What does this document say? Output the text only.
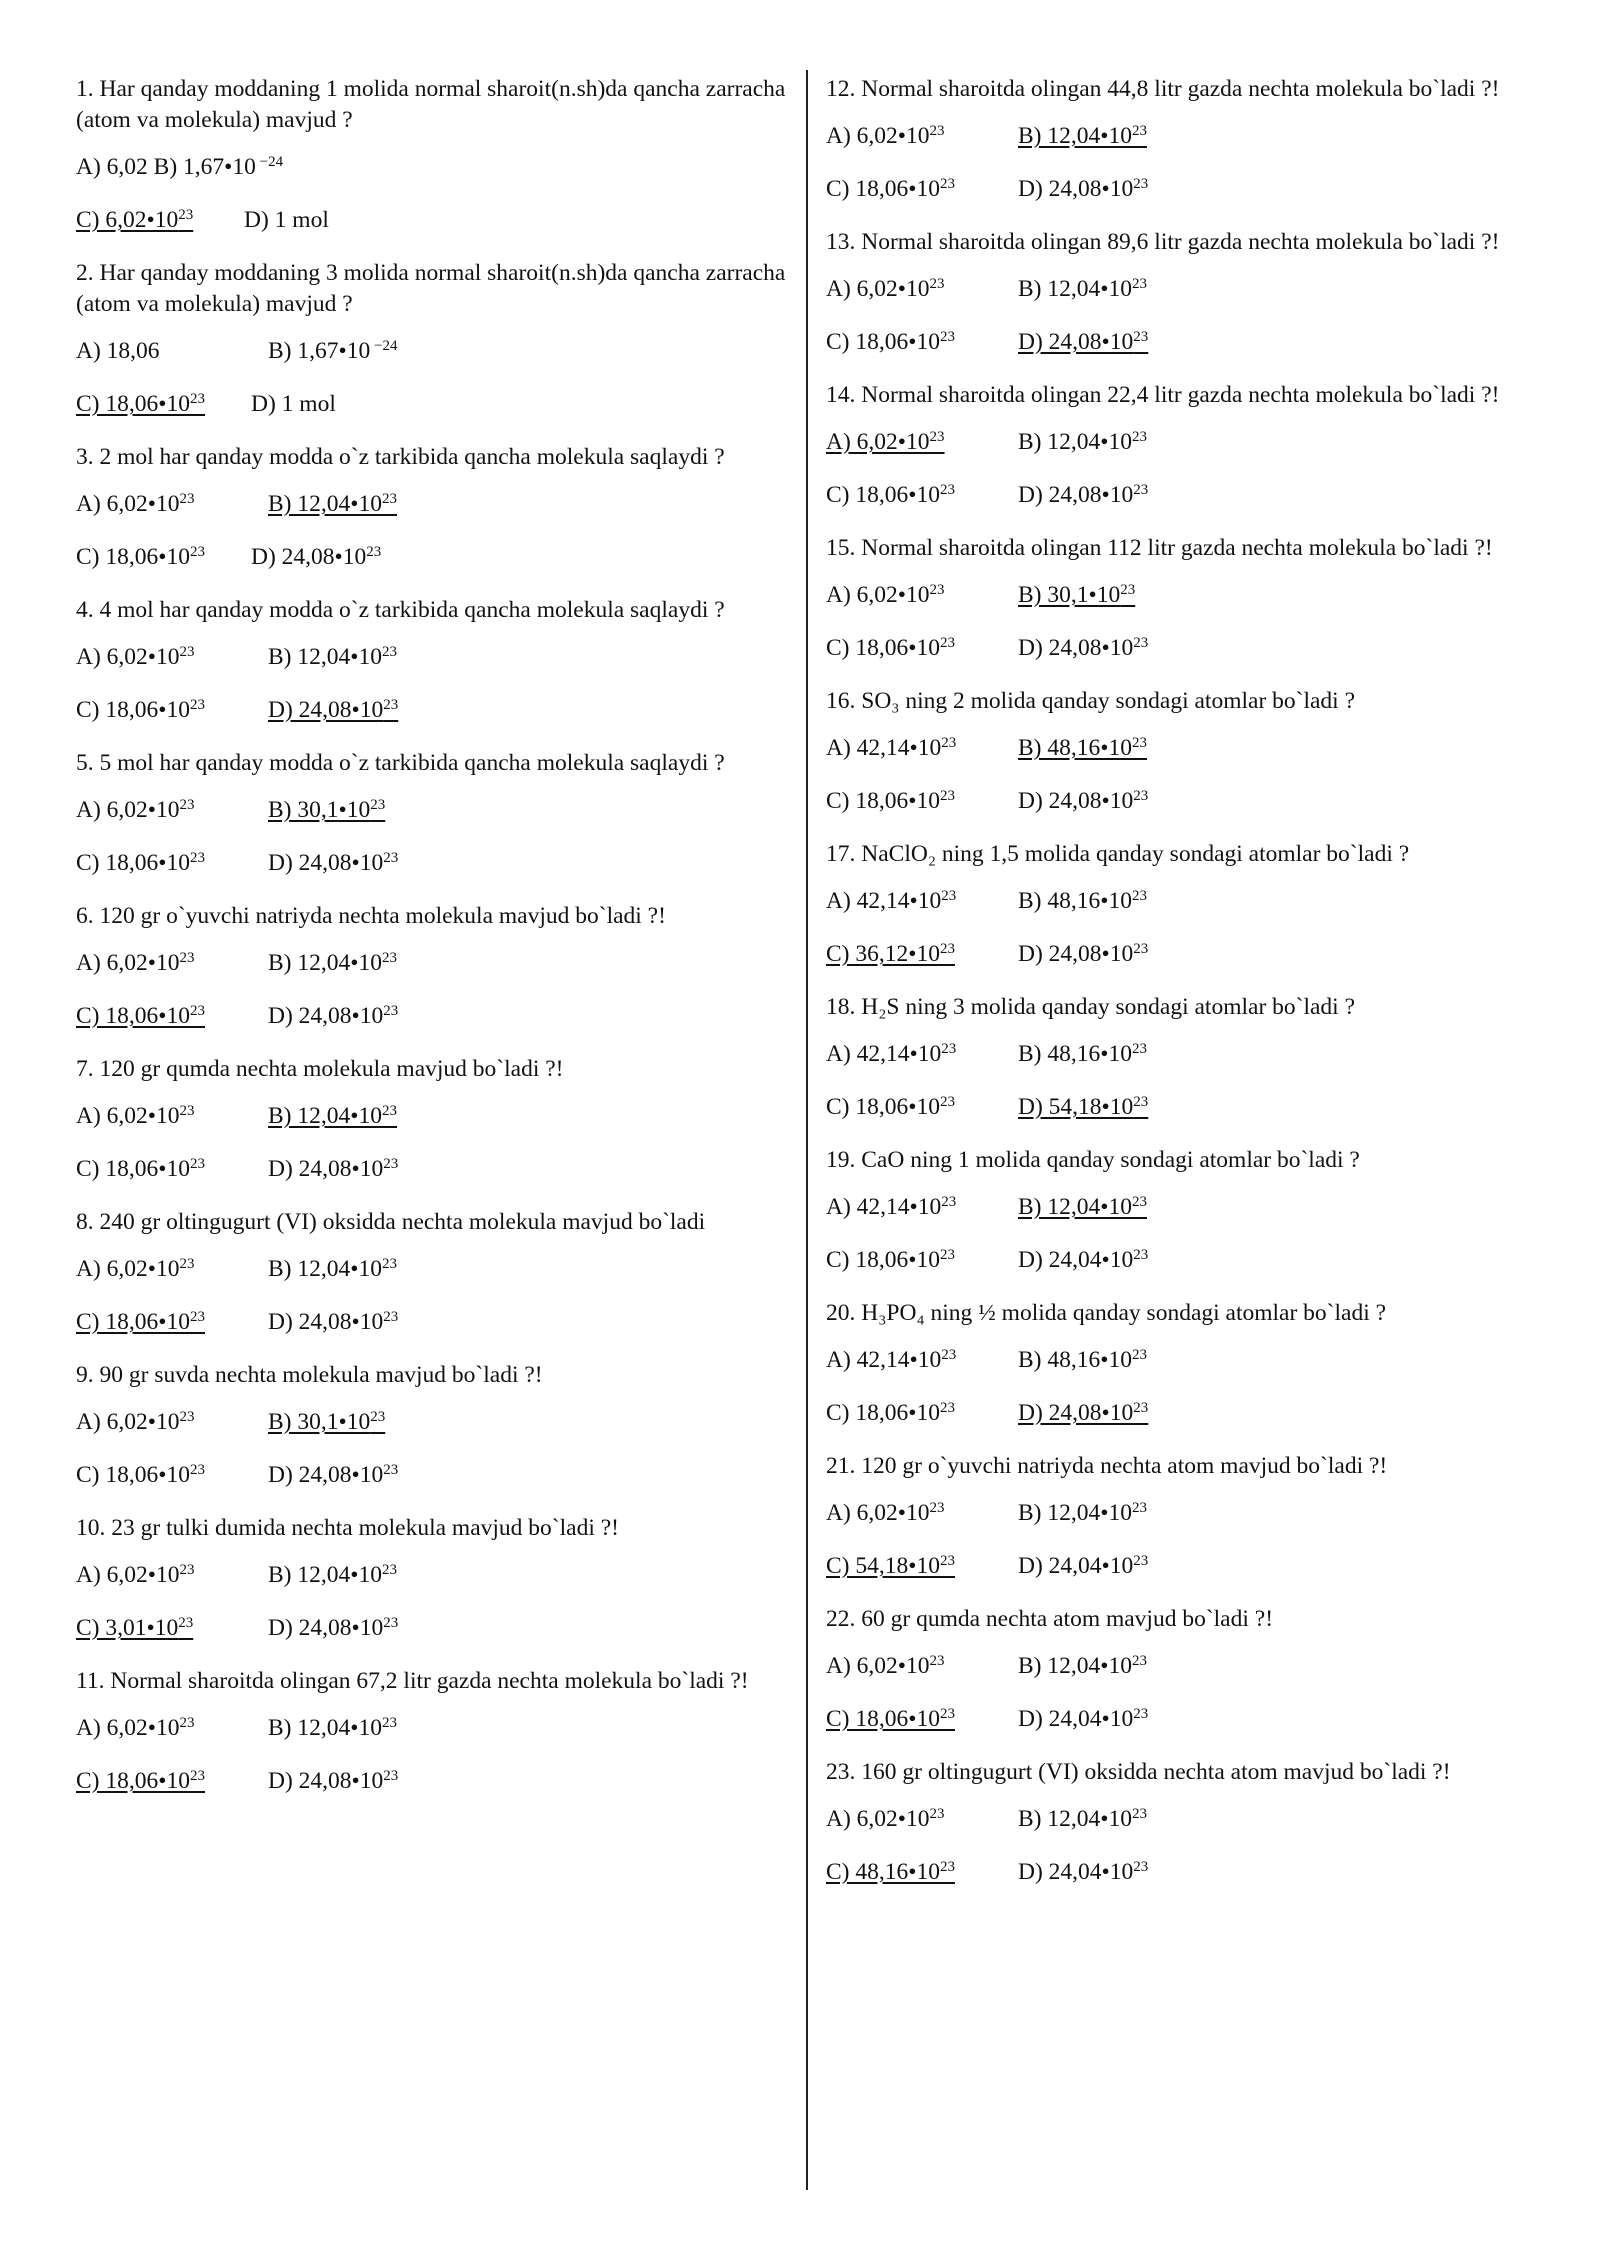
1. Har qanday moddaning 1 molida normal sharoit(n.sh)da qancha zarracha (atom va molekula) mavjud ?

A) 6,02 B) 1,67•10 $^{-24}$
C) $6,02•10^{23}$ D) 1 mol

2. Har qanday moddaning 3 molida normal sharoit(n.sh)da qancha zarracha (atom va molekula) mavjud ?

A) 18,06	B) 1,67•10 $^{-24}$
C) $18,06•10^{23}$ D) 1 mol

3. 2 mol har qanday modda o`z tarkibida qancha molekula saqlaydi ?

A) $6,02•10^{23}$	B) $12,04•10^{23}$
C) $18,06•10^{23}$ D) $24,08•10^{23}$

4. 4 mol har qanday modda o`z tarkibida qancha molekula saqlaydi ?

A) $6,02•10^{23}$	B) $12,04•10^{23}$
C) $18,06•10^{23}$	D) $24,08•10^{23}$

5. 5 mol har qanday modda o`z tarkibida qancha molekula saqlaydi ?

A) $6,02•10^{23}$	B) $30,1•10^{23}$
C) $18,06•10^{23}$	D) $24,08•10^{23}$

6. 120 gr o`yuvchi natriyda nechta molekula mavjud bo`ladi ?!

A) $6,02•10^{23}$	B) $12,04•10^{23}$
C) $18,06•10^{23}$	D) $24,08•10^{23}$

7. 120 gr qumda nechta molekula mavjud bo`ladi ?!

A) $6,02•10^{23}$	B) $12,04•10^{23}$
C) $18,06•10^{23}$	D) $24,08•10^{23}$

8. 240 gr oltingugurt (VI) oksidda nechta molekula mavjud bo`ladi

A) $6,02•10^{23}$	B) $12,04•10^{23}$
C) $18,06•10^{23}$	D) $24,08•10^{23}$

9. 90 gr suvda nechta molekula mavjud bo`ladi ?!

A) $6,02•10^{23}$	B) $30,1•10^{23}$
C) $18,06•10^{23}$	D) $24,08•10^{23}$

10. 23 gr tulki dumida nechta molekula mavjud bo`ladi ?!

A) $6,02•10^{23}$	B) $12,04•10^{23}$
C) $3,01•10^{23}$	D) $24,08•10^{23}$

11. Normal sharoitda olingan 67,2 litr gazda nechta molekula bo`ladi ?!

A) $6,02•10^{23}$	B) $12,04•10^{23}$
C) $18,06•10^{23}$	D) $24,08•10^{23}$

12. Normal sharoitda olingan 44,8 litr gazda nechta molekula bo`ladi ?!

A) $6,02•10^{23}$	B) $12,04•10^{23}$
C) $18,06•10^{23}$	D) $24,08•10^{23}$

13. Normal sharoitda olingan 89,6 litr gazda nechta molekula bo`ladi ?!

A) $6,02•10^{23}$	B) $12,04•10^{23}$
C) $18,06•10^{23}$	D) $24,08•10^{23}$

14. Normal sharoitda olingan 22,4 litr gazda nechta molekula bo`ladi ?!

A) $6,02•10^{23}$	B) $12,04•10^{23}$
C) $18,06•10^{23}$	D) $24,08•10^{23}$

15. Normal sharoitda olingan 112 litr gazda nechta molekula bo`ladi ?!

A) $6,02•10^{23}$	B) $30,1•10^{23}$
C) $18,06•10^{23}$	D) $24,08•10^{23}$

16. SO₃ ning 2 molida qanday sondagi atomlar bo`ladi ?

A) $42,14•10^{23}$	B) $48,16•10^{23}$
C) $18,06•10^{23}$	D) $24,08•10^{23}$

17. NaClO₂ ning 1,5 molida qanday sondagi atomlar bo`ladi ?

A) $42,14•10^{23}$	B) $48,16•10^{23}$
C) $36,12•10^{23}$	D) $24,08•10^{23}$

18. H₂S ning 3 molida qanday sondagi atomlar bo`ladi ?

A) $42,14•10^{23}$	B) $48,16•10^{23}$
C) $18,06•10^{23}$	D) $54,18•10^{23}$

19. CaO ning 1 molida qanday sondagi atomlar bo`ladi ?

A) $42,14•10^{23}$	B) $12,04•10^{23}$
C) $18,06•10^{23}$	D) $24,04•10^{23}$

20. H₃PO₄ ning ½ molida qanday sondagi atomlar bo`ladi ?

A) $42,14•10^{23}$	B) $48,16•10^{23}$
C) $18,06•10^{23}$	D) $24,08•10^{23}$

21. 120 gr o`yuvchi natriyda nechta atom mavjud bo`ladi ?!

A) $6,02•10^{23}$	B) $12,04•10^{23}$
C) $54,18•10^{23}$	D) $24,04•10^{23}$

22. 60 gr qumda nechta atom mavjud bo`ladi ?!

A) $6,02•10^{23}$	B) $12,04•10^{23}$
C) $18,06•10^{23}$	D) $24,04•10^{23}$

23. 160 gr oltingugurt (VI) oksidda nechta atom mavjud bo`ladi ?!

A) $6,02•10^{23}$	B) $12,04•10^{23}$
C) $48,16•10^{23}$	D) $24,04•10^{23}$
